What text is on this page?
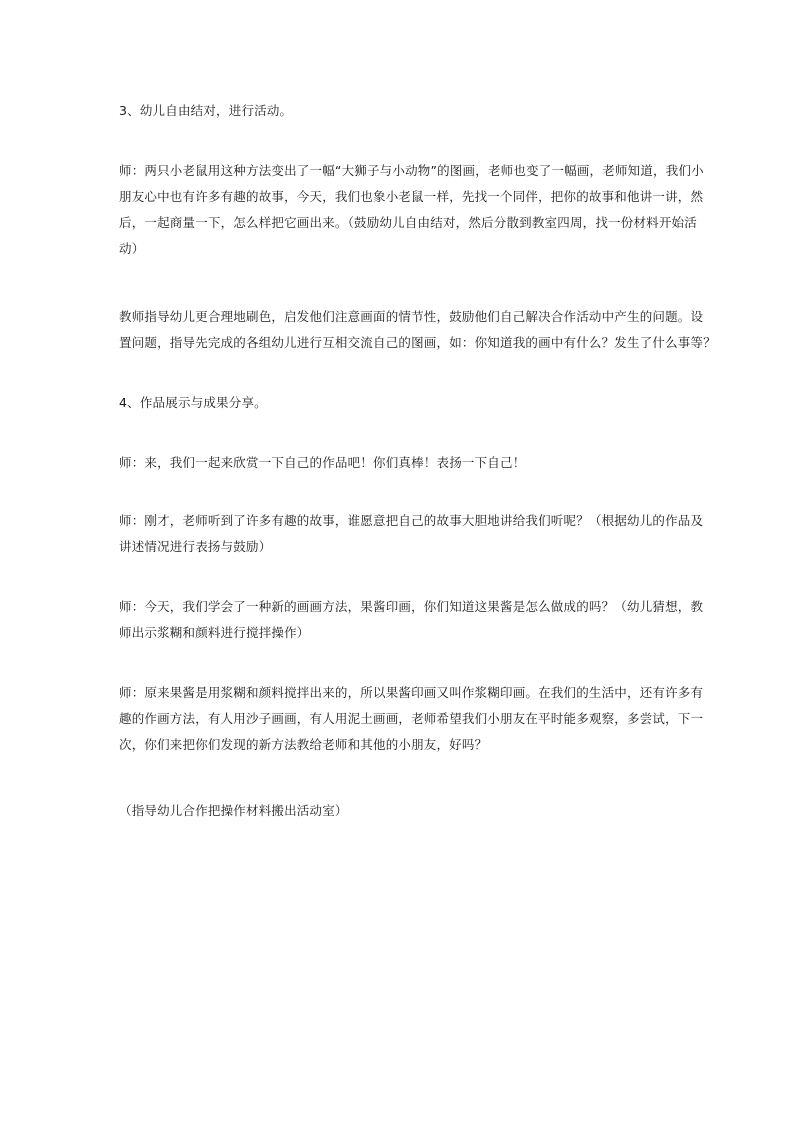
3、幼儿自由结对，进行活动。

师：两只小老鼠用这种方法变出了一幅“大狮子与小动物”的图画，老师也变了一幅画，老师知道，我们小
朋友心中也有许多有趣的故事，今天，我们也象小老鼠一样，先找一个同伴，把你的故事和他讲一讲，然
后，一起商量一下，怎么样把它画出来。（鼓励幼儿自由结对，然后分散到教室四周，找一份材料开始活
动）

教师指导幼儿更合理地刷色，启发他们注意画面的情节性，鼓励他们自己解决合作活动中产生的问题。设
置问题，指导先完成的各组幼儿进行互相交流自己的图画，如：你知道我的画中有什么？发生了什么事等？

4、作品展示与成果分享。

师：来，我们一起来欣赏一下自己的作品吧！你们真棒！表扬一下自己！

师：刚才，老师听到了许多有趣的故事，谁愿意把自己的故事大胆地讲给我们听呢？（根据幼儿的作品及
讲述情况进行表扬与鼓励）

师：今天，我们学会了一种新的画画方法，果酱印画，你们知道这果酱是怎么做成的吗？（幼儿猜想，教
师出示浆糊和颜料进行搅拌操作）

师：原来果酱是用浆糊和颜料搅拌出来的，所以果酱印画又叫作浆糊印画。在我们的生活中，还有许多有
趣的作画方法，有人用沙子画画，有人用泥土画画，老师希望我们小朋友在平时能多观察，多尝试，下一
次，你们来把你们发现的新方法教给老师和其他的小朋友，好吗？

（指导幼儿合作把操作材料搬出活动室）
